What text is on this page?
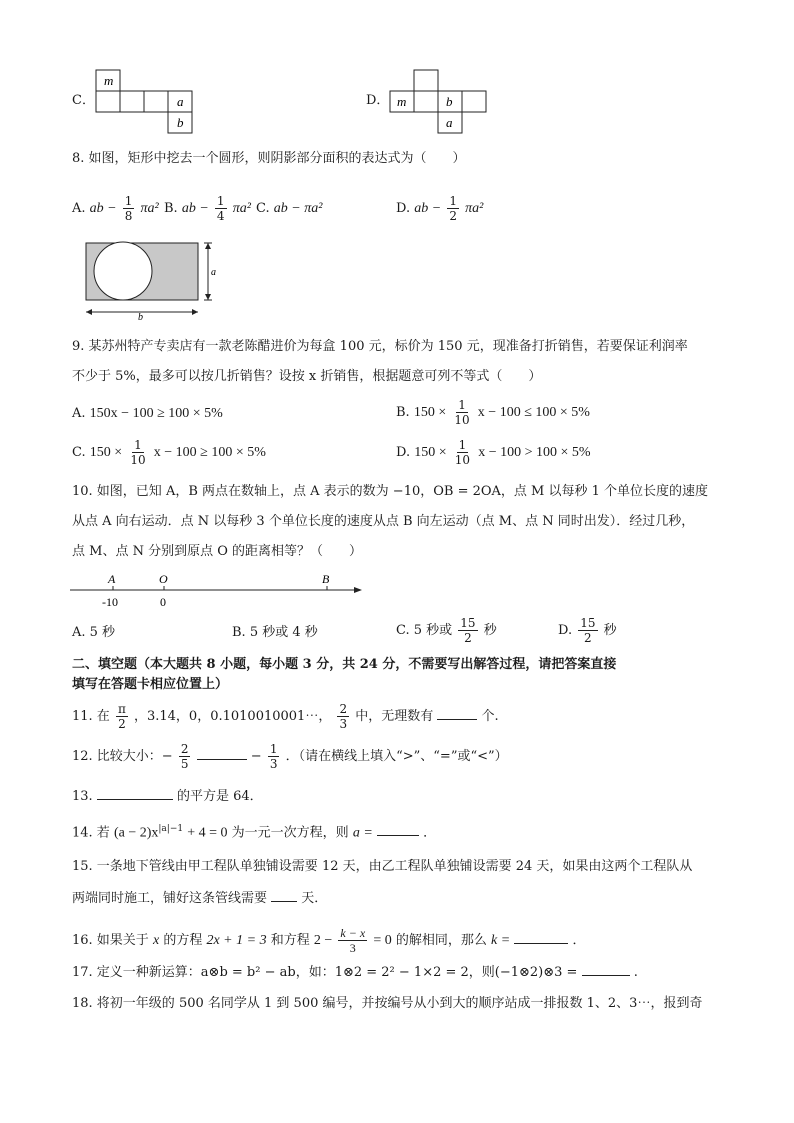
C．
m
a
b
D． m	b
a
8. 如图，矩形中挖去一个圆形，则阴影部分面积的表达式为（　　）
A. ab − $\frac{1}{8} \pi a^2$ B. ab − $\frac{1}{4} \pi a^2$ C. ab − πa²	D. ab − $\frac{1}{2} \pi a^2$
a
b
9. 某苏州特产专卖店有一款老陈醋进价为每盒 100 元，标价为 150 元，现准备打折销售，若要保证利润率
不少于 5%，最多可以按几折销售？设按 x 折销售，根据题意可列不等式（　　）
A. 150x − 100 ≥ 100 × 5%	B. $150 \times \frac{1}{10}$ x − 100 ≤ 100 × 5%
C. $150 \times \frac{1}{10}$ x − 100 ≥ 100 × 5%	D. $150 \times \frac{1}{10}$ x − 100 > 100 × 5%
10. 如图，已知 A，B 两点在数轴上，点 A 表示的数为 −10，OB = 2OA，点 M 以每秒 1 个单位长度的速度
从点 A 向右运动．点 N 以每秒 3 个单位长度的速度从点 B 向左运动（点 M、点 N 同时出发）．经过几秒，
点 M、点 N 分别到原点 O 的距离相等？（　　）
A	O	B
-10	0
A. 5 秒	B. 5 秒或 4 秒	C. 5 秒或 $\frac{15}{2}$ 秒	D. $\frac{15}{2}$ 秒
二、填空题（本大题共 8 小题，每小题 3 分，共 24 分，不需要写出解答过程，请把答案直接
填写在答题卡相应位置上）
11. 在 $\frac{\pi}{2}$ ，3.14，0，0.1010010001⋯， $\frac{2}{3}$ 中，无理数有	个.
12. 比较大小：− $\frac{2}{5}$	− $\frac{1}{3}$ ．（请在横线上填入“>”、“=”或“<”）
13.	的平方是 64．
14. 若 $(a - 2)x^{|a|-1} + 4 = 0$ 为一元一次方程，则 a =	．
15. 一条地下管线由甲工程队单独铺设需要 12 天，由乙工程队单独铺设需要 24 天，如果由这两个工程队从
两端同时施工，铺好这条管线需要	天．
16. 如果关于 x 的方程 2x + 1 = 3 和方程 $2 - \frac{k - x}{3} = 0$ 的解相同，那么 k =	．
17. 定义一种新运算：a⊗b = b² − ab，如：1⊗2 = 2² − 1×2 = 2，则(−1⊗2)⊗3 =	.
18. 将初一年级的 500 名同学从 1 到 500 编号，并按编号从小到大的顺序站成一排报数 1、2、3⋯，报到奇
